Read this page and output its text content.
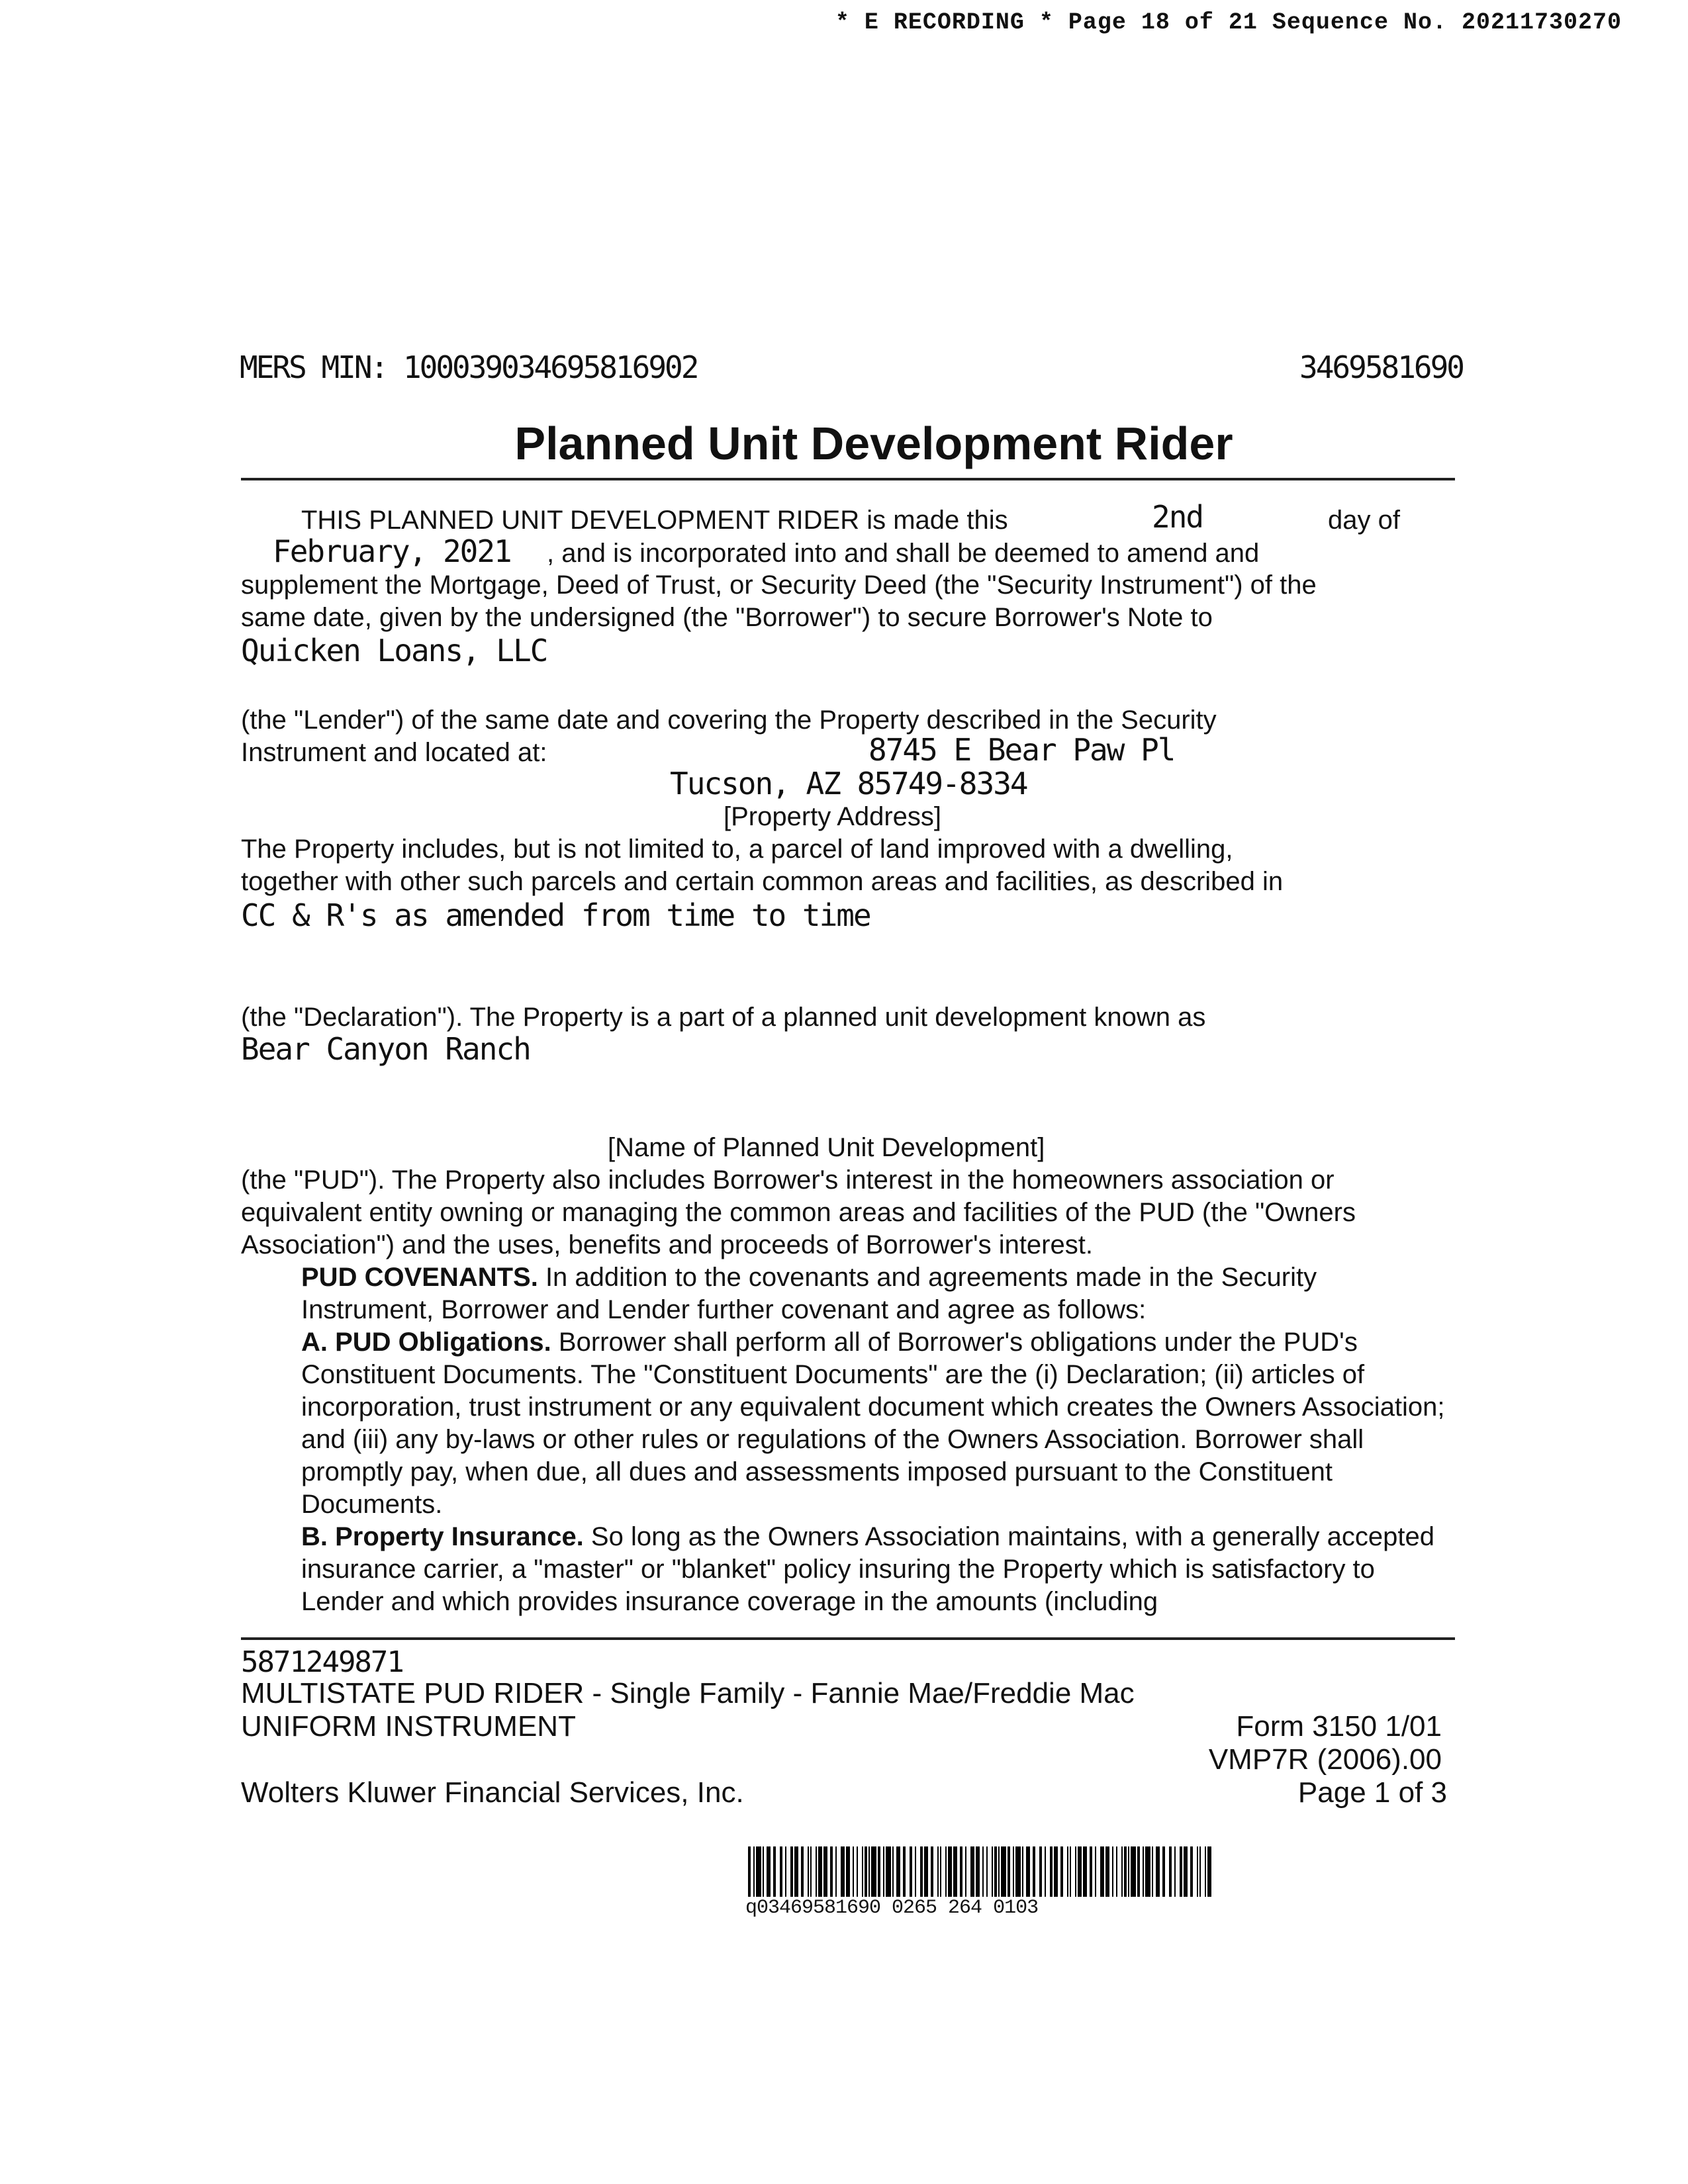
* E RECORDING * Page 18 of 21 Sequence No. 20211730270
MERS MIN: 100039034695816902	3469581690
Planned Unit Development Rider
THIS PLANNED UNIT DEVELOPMENT RIDER is made this	2nd	day of
February, 2021 , and is incorporated into and shall be deemed to amend and
supplement the Mortgage, Deed of Trust, or Security Deed (the "Security Instrument") of the
same date, given by the undersigned (the "Borrower") to secure Borrower's Note to
Quicken Loans, LLC
(the "Lender") of the same date and covering the Property described in the Security
Instrument and located at:	8745 E Bear Paw Pl
Tucson, AZ 85749-8334
[Property Address]
The Property includes, but is not limited to, a parcel of land improved with a dwelling,
together with other such parcels and certain common areas and facilities, as described in
CC & R's as amended from time to time
(the "Declaration"). The Property is a part of a planned unit development known as
Bear Canyon Ranch
[Name of Planned Unit Development]

(the "PUD"). The Property also includes Borrower's interest in the homeowners association or equivalent entity owning or managing the common areas and facilities of the PUD (the "Owners Association") and the uses, benefits and proceeds of Borrower's interest.

PUD COVENANTS. In addition to the covenants and agreements made in the Security Instrument, Borrower and Lender further covenant and agree as follows:

A. PUD Obligations. Borrower shall perform all of Borrower's obligations under the PUD's Constituent Documents. The "Constituent Documents" are the (i) Declaration; (ii) articles of incorporation, trust instrument or any equivalent document which creates the Owners Association; and (iii) any by-laws or other rules or regulations of the Owners Association. Borrower shall promptly pay, when due, all dues and assessments imposed pursuant to the Constituent Documents.

B. Property Insurance. So long as the Owners Association maintains, with a generally accepted insurance carrier, a "master" or "blanket" policy insuring the Property which is satisfactory to Lender and which provides insurance coverage in the amounts (including

5871249871
MULTISTATE PUD RIDER - Single Family - Fannie Mae/Freddie Mac
UNIFORM INSTRUMENT	Form 3150 1/01
VMP7R (2006).00
Wolters Kluwer Financial Services, Inc.	Page 1 of 3
q03469581690 0265 264 0103
